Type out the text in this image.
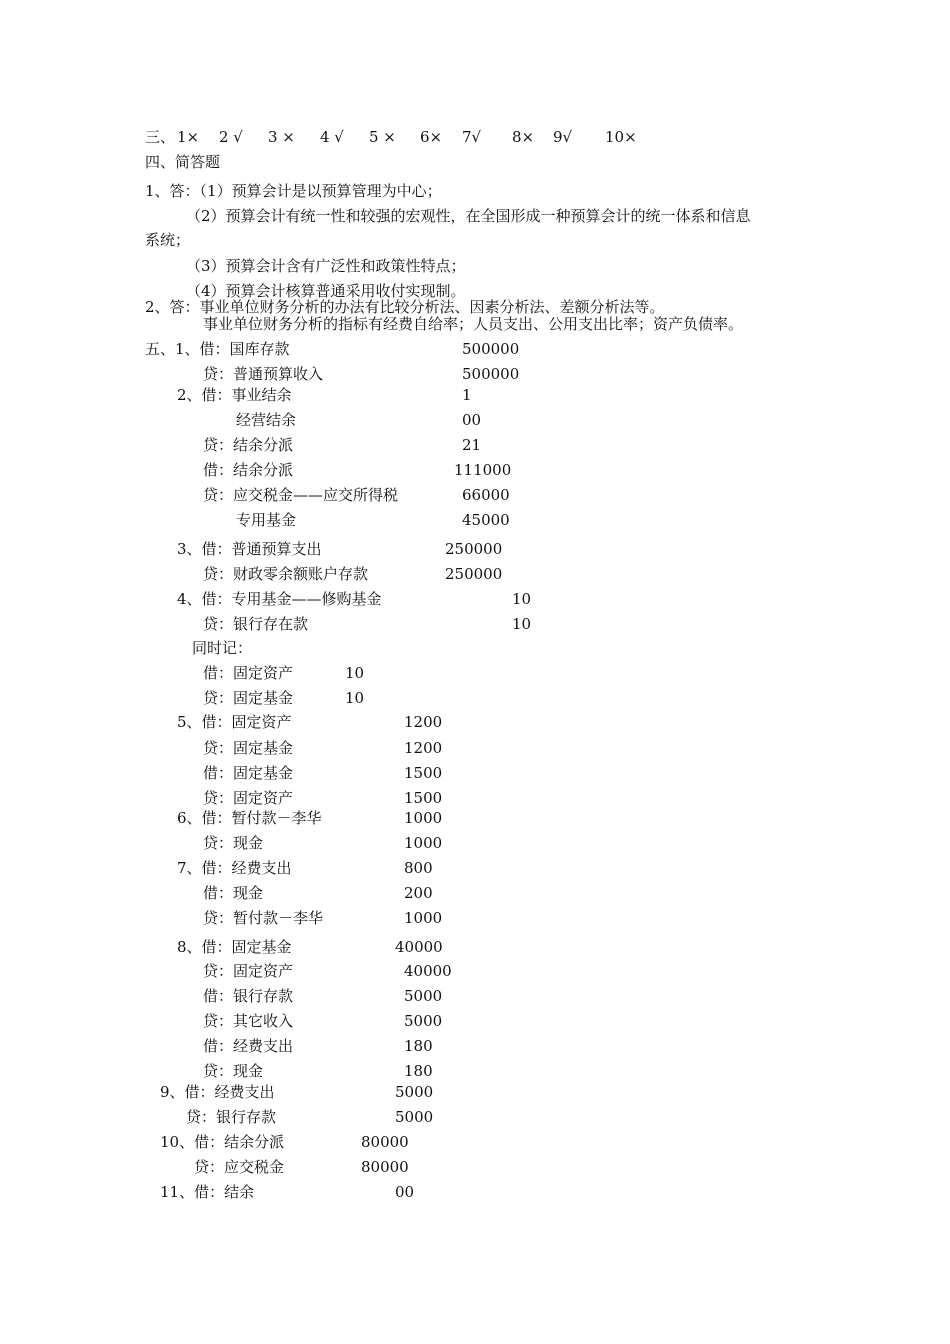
三、 1× 2 √ 3 × 4 √ 5 × 6× 7√ 8× 9√ 10×
四、简答题
1、答：（1）预算会计是以预算管理为中心；
（2）预算会计有统一性和较强的宏观性，在全国形成一种预算会计的统一体系和信息
系统；
（3）预算会计含有广泛性和政策性特点；
（4）预算会计核算普通采用收付实现制。
2、答：事业单位财务分析的办法有比较分析法、因素分析法、差额分析法等。
事业单位财务分析的指标有经费自给率；人员支出、公用支出比率；资产负债率。
五、1、借：国库存款	500000
贷：普通预算收入	500000
2、借：事业结余	1
经营结余	00
贷：结余分派	21
借：结余分派	111000
贷：应交税金——应交所得税	66000
专用基金	45000
3、借：普通预算支出	250000
贷：财政零余额账户存款	250000
4、借：专用基金——修购基金	10
贷：银行存在款	10
同时记：
借：固定资产	10
贷：固定基金	10
5、借：固定资产	1200
贷：固定基金	1200
借：固定基金	1500
贷：固定资产	1500
6、借：暂付款－李华	1000
贷：现金	1000
7、借：经费支出	800
借：现金	200
贷：暂付款－李华	1000
8、借：固定基金	40000
贷：固定资产	40000
借：银行存款	5000
贷：其它收入	5000
借：经费支出	180
贷：现金	180
9、借：经费支出	5000
贷：银行存款	5000
10、借：结余分派	80000
贷：应交税金	80000
11、借：结余	00
